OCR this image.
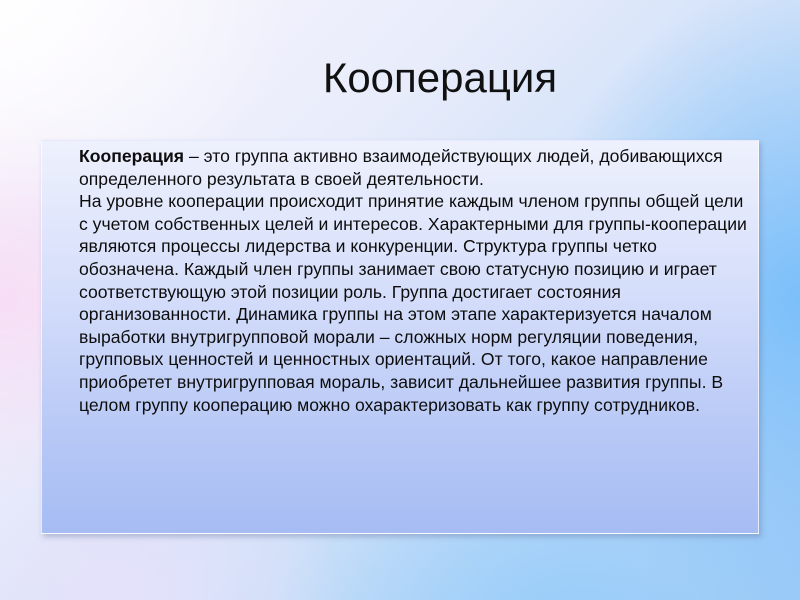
Кооперация

Кооперация – это группа активно взаимодействующих людей, добивающихся определенного результата в своей деятельности.

На уровне кооперации происходит принятие каждым членом группы общей цели с учетом собственных целей и интересов. Характерными для группы-кооперации являются процессы лидерства и конкуренции. Структура группы четко обозначена. Каждый член группы занимает свою статусную позицию и играет соответствующую этой позиции роль. Группа достигает состояния организованности. Динамика группы на этом этапе характеризуется началом выработки внутригрупповой морали – сложных норм регуляции поведения, групповых ценностей и ценностных ориентаций. От того, какое направление приобретет внутригрупповая мораль, зависит дальнейшее развития группы. В целом группу кооперацию можно охарактеризовать как группу сотрудников.
